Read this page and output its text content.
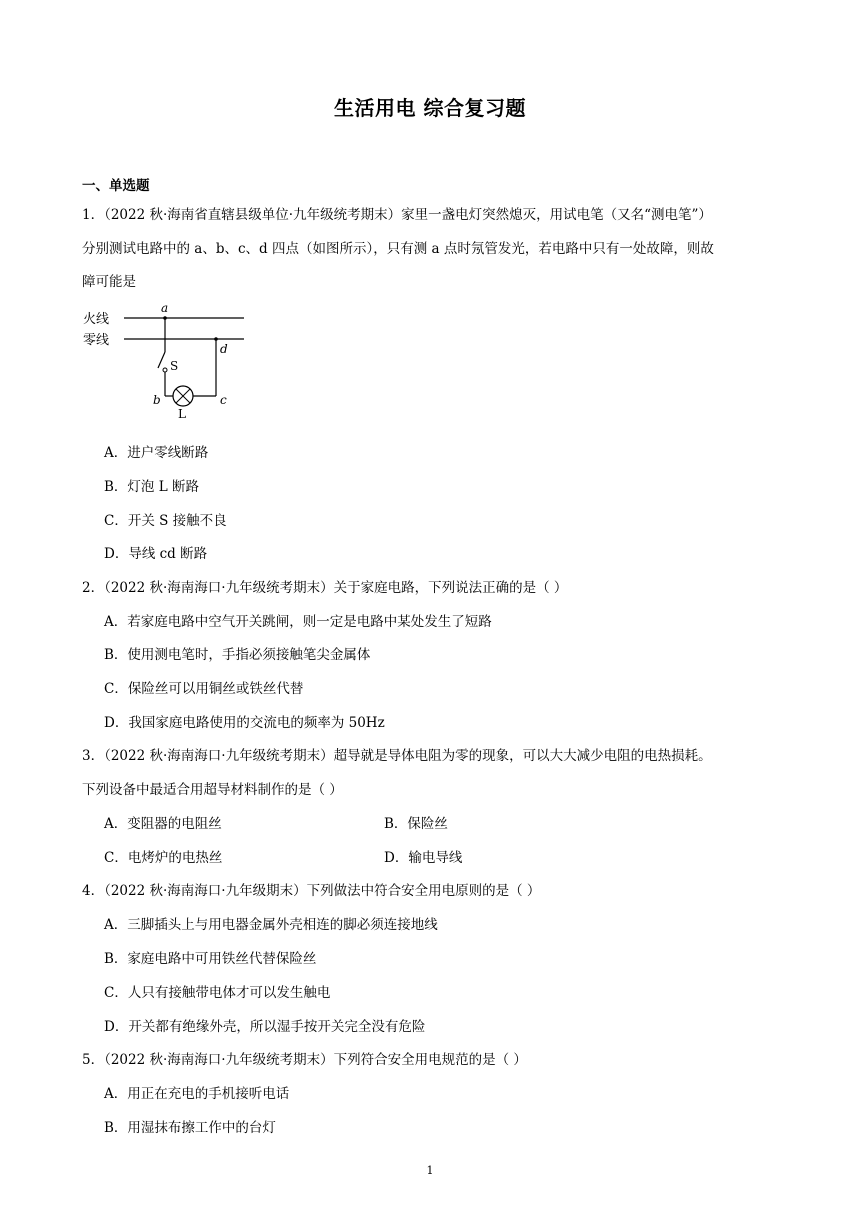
生活用电 综合复习题
一、单选题
1．（2022 秋·海南省直辖县级单位·九年级统考期末）家里一盏电灯突然熄灭，用试电笔（又名“测电笔”）
分别测试电路中的 a、b、c、d 四点（如图所示），只有测 a 点时氖管发光，若电路中只有一处故障，则故
障可能是
火线
零线
a
d
S
b	c
L
A．进户零线断路
B．灯泡 L 断路
C．开关 S 接触不良
D．导线 cd 断路
2．（2022 秋·海南海口·九年级统考期末）关于家庭电路，下列说法正确的是（ ）
A．若家庭电路中空气开关跳闸，则一定是电路中某处发生了短路
B．使用测电笔时，手指必须接触笔尖金属体
C．保险丝可以用铜丝或铁丝代替
D．我国家庭电路使用的交流电的频率为 50Hz
3．（2022 秋·海南海口·九年级统考期末）超导就是导体电阻为零的现象，可以大大减少电阻的电热损耗。
下列设备中最适合用超导材料制作的是（ ）
A．变阻器的电阻丝	B．保险丝
C．电烤炉的电热丝	D．输电导线
4．（2022 秋·海南海口·九年级期末）下列做法中符合安全用电原则的是（ ）
A．三脚插头上与用电器金属外壳相连的脚必须连接地线
B．家庭电路中可用铁丝代替保险丝
C．人只有接触带电体才可以发生触电
D．开关都有绝缘外壳，所以湿手按开关完全没有危险
5．（2022 秋·海南海口·九年级统考期末）下列符合安全用电规范的是（ ）
A．用正在充电的手机接听电话
B．用湿抹布擦工作中的台灯
1
